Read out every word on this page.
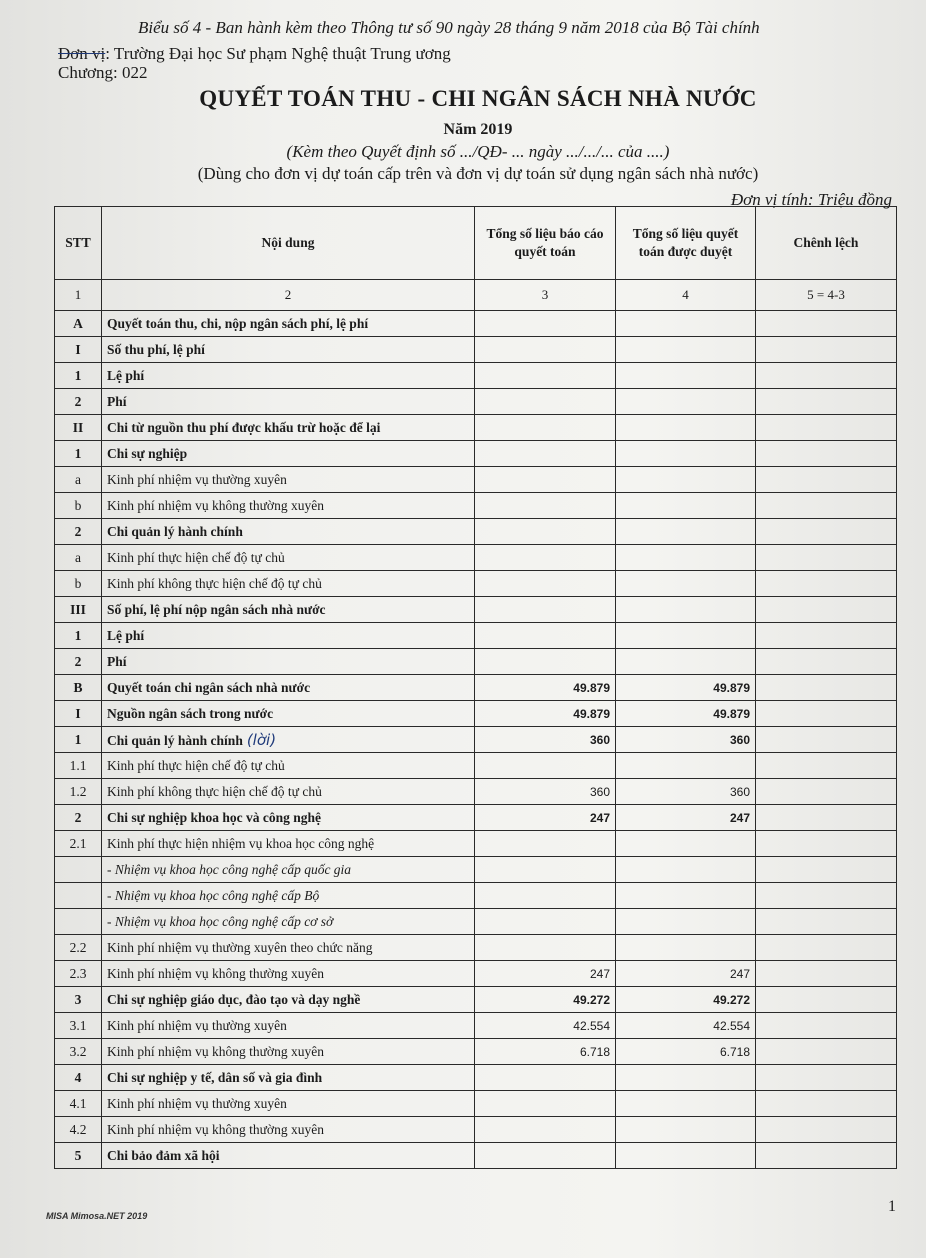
Biểu số 4 - Ban hành kèm theo Thông tư số 90 ngày 28 tháng 9 năm 2018 của Bộ Tài chính
Đơn vị: Trường Đại học Sư phạm Nghệ thuật Trung ương
Chương: 022
QUYẾT TOÁN THU - CHI NGÂN SÁCH NHÀ NƯỚC
Năm 2019
(Kèm theo Quyết định số .../QĐ- ... ngày .../.../... của ....)
(Dùng cho đơn vị dự toán cấp trên và đơn vị dự toán sử dụng ngân sách nhà nước)
Đơn vị tính: Triệu đồng
STT	Nội dung	Tổng số liệu báo cáo quyết toán	Tổng số liệu quyết toán được duyệt	Chênh lệch
1	2	3	4	5 = 4-3
A	Quyết toán thu, chi, nộp ngân sách phí, lệ phí			
I	Số thu phí, lệ phí			
1	Lệ phí			
2	Phí			
II	Chi từ nguồn thu phí được khấu trừ hoặc để lại			
1	Chi sự nghiệp			
a	Kinh phí nhiệm vụ thường xuyên			
b	Kinh phí nhiệm vụ không thường xuyên			
2	Chi quản lý hành chính			
a	Kinh phí thực hiện chế độ tự chủ			
b	Kinh phí không thực hiện chế độ tự chủ			
III	Số phí, lệ phí nộp ngân sách nhà nước			
1	Lệ phí			
2	Phí			
B	Quyết toán chi ngân sách nhà nước	49.879	49.879	
I	Nguồn ngân sách trong nước	49.879	49.879	
1	Chi quản lý hành chính (lời)	360	360	
1.1	Kinh phí thực hiện chế độ tự chủ			
1.2	Kinh phí không thực hiện chế độ tự chủ	360	360	
2	Chi sự nghiệp khoa học và công nghệ	247	247	
2.1	Kinh phí thực hiện nhiệm vụ khoa học công nghệ			
	- Nhiệm vụ khoa học công nghệ cấp quốc gia			
	- Nhiệm vụ khoa học công nghệ cấp Bộ			
	- Nhiệm vụ khoa học công nghệ cấp cơ sở			
2.2	Kinh phí nhiệm vụ thường xuyên theo chức năng			
2.3	Kinh phí nhiệm vụ không thường xuyên	247	247	
3	Chi sự nghiệp giáo dục, đào tạo và dạy nghề	49.272	49.272	
3.1	Kinh phí nhiệm vụ thường xuyên	42.554	42.554	
3.2	Kinh phí nhiệm vụ không thường xuyên	6.718	6.718	
4	Chi sự nghiệp y tế, dân số và gia đình			
4.1	Kinh phí nhiệm vụ thường xuyên			
4.2	Kinh phí nhiệm vụ không thường xuyên			
5	Chi bảo đảm xã hội			
MISA Mimosa.NET 2019
1
